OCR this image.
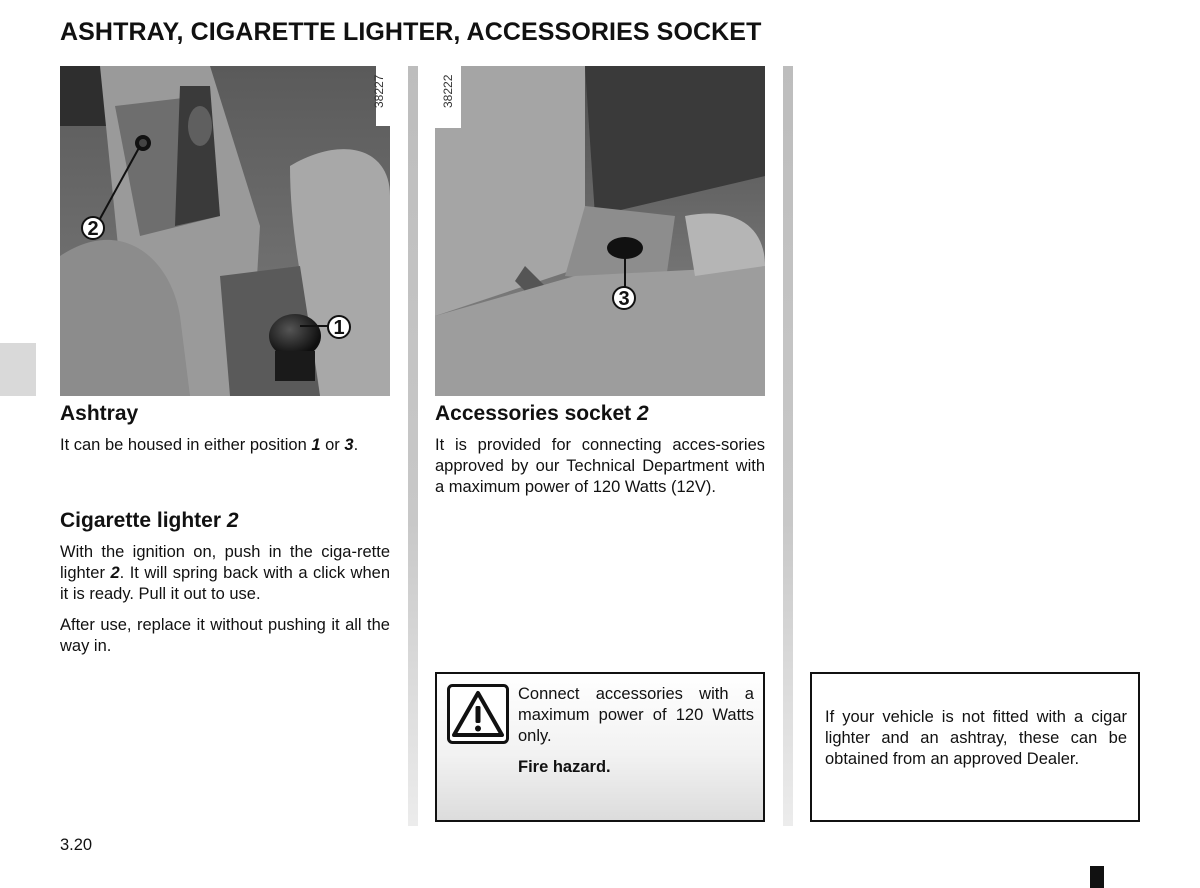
ASHTRAY, CIGARETTE LIGHTER, ACCESSORIES SOCKET
2
1
38227
3
38222
Ashtray
It can be housed in either position 1 or 3.
Cigarette lighter 2
With the ignition on, push in the ciga-rette lighter 2. It will spring back with a click when it is ready. Pull it out to use.
After use, replace it without pushing it all the way in.
Accessories socket 2
It is provided for connecting acces-sories approved by our Technical Department with a maximum power of 120 Watts (12V).
Connect accessories with a maximum power of 120 Watts only.
Fire hazard.
If your vehicle is not fitted with a cigar lighter and an ashtray, these can be obtained from an approved Dealer.
3.20
